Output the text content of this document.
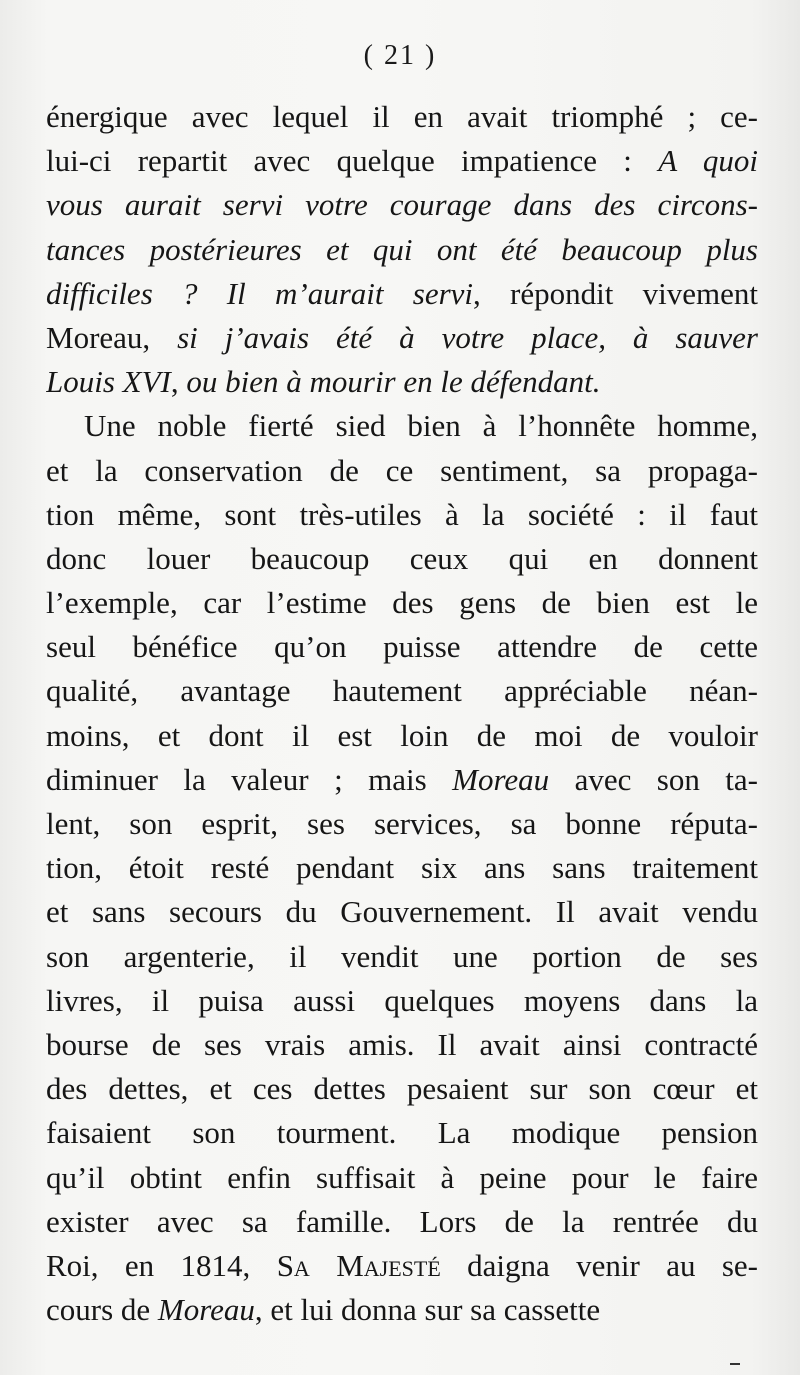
( 21 )
énergique avec lequel il en avait triomphé ; ce-
lui-ci repartit avec quelque impatience : A quoi
vous aurait servi votre courage dans des circons-
tances postérieures et qui ont été beaucoup plus
difficiles ? Il m’aurait servi, répondit vivement
Moreau, si j’avais été à votre place, à sauver
Louis XVI, ou bien à mourir en le défendant.
Une noble fierté sied bien à l’honnête homme,
et la conservation de ce sentiment, sa propaga-
tion même, sont très-utiles à la société : il faut
donc louer beaucoup ceux qui en donnent
l’exemple, car l’estime des gens de bien est le
seul bénéfice qu’on puisse attendre de cette
qualité, avantage hautement appréciable néan-
moins, et dont il est loin de moi de vouloir
diminuer la valeur ; mais Moreau avec son ta-
lent, son esprit, ses services, sa bonne réputa-
tion, étoit resté pendant six ans sans traitement
et sans secours du Gouvernement. Il avait vendu
son argenterie, il vendit une portion de ses
livres, il puisa aussi quelques moyens dans la
bourse de ses vrais amis. Il avait ainsi contracté
des dettes, et ces dettes pesaient sur son cœur et
faisaient son tourment. La modique pension
qu’il obtint enfin suffisait à peine pour le faire
exister avec sa famille. Lors de la rentrée du
Roi, en 1814, Sa Majesté daigna venir au se-
cours de Moreau, et lui donna sur sa cassette
